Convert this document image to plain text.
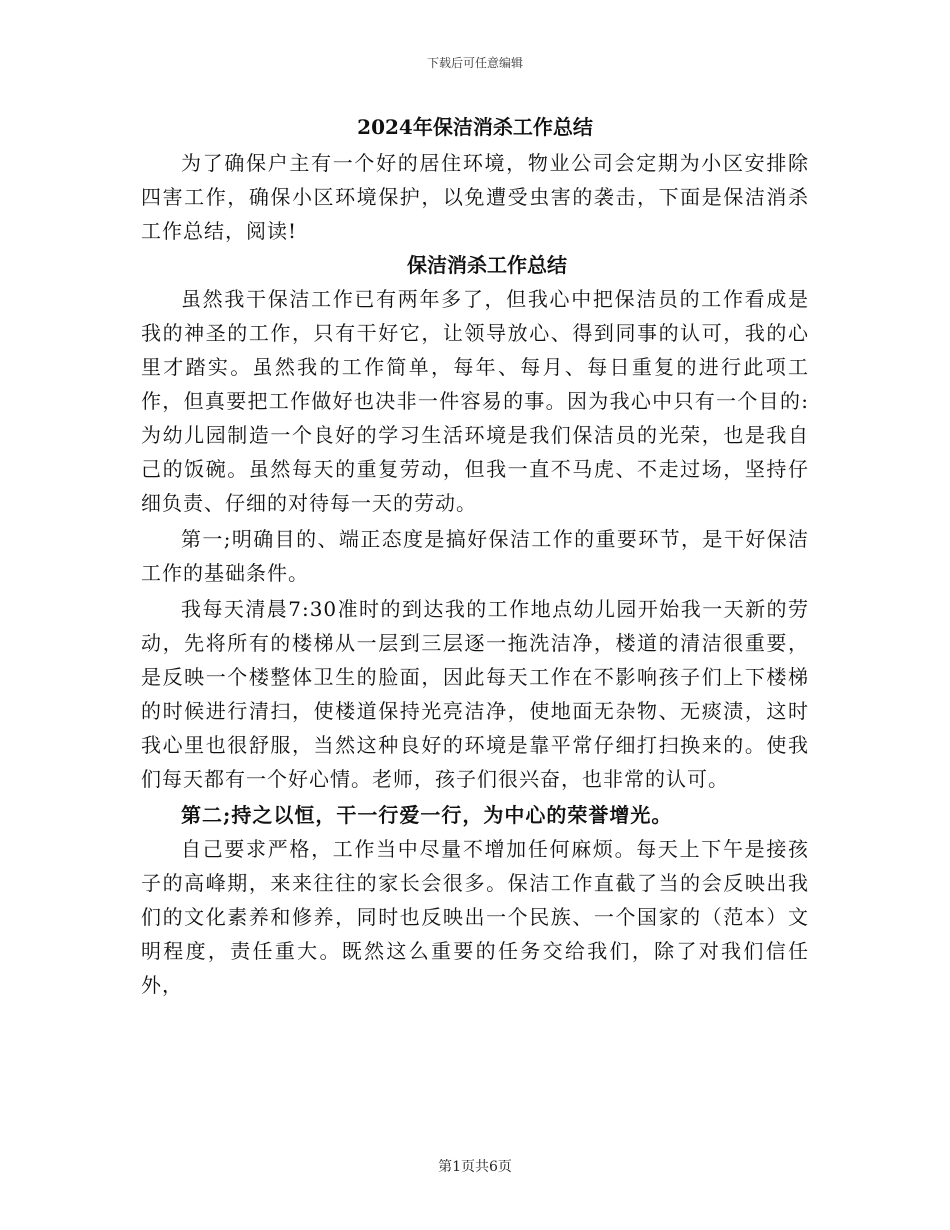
下载后可任意编辑
2024年保洁消杀工作总结

为了确保户主有一个好的居住环境，物业公司会定期为小区安排除四害工作，确保小区环境保护，以免遭受虫害的袭击，下面是保洁消杀工作总结，阅读!

保洁消杀工作总结

虽然我干保洁工作已有两年多了，但我心中把保洁员的工作看成是我的神圣的工作，只有干好它，让领导放心、得到同事的认可，我的心里才踏实。虽然我的工作简单，每年、每月、每日重复的进行此项工作，但真要把工作做好也决非一件容易的事。因为我心中只有一个目的:为幼儿园制造一个良好的学习生活环境是我们保洁员的光荣，也是我自己的饭碗。虽然每天的重复劳动，但我一直不马虎、不走过场，坚持仔细负责、仔细的对待每一天的劳动。

第一;明确目的、端正态度是搞好保洁工作的重要环节，是干好保洁工作的基础条件。

我每天清晨7:30准时的到达我的工作地点幼儿园开始我一天新的劳动，先将所有的楼梯从一层到三层逐一拖洗洁净，楼道的清洁很重要，是反映一个楼整体卫生的脸面，因此每天工作在不影响孩子们上下楼梯的时候进行清扫，使楼道保持光亮洁净，使地面无杂物、无痰渍，这时我心里也很舒服，当然这种良好的环境是靠平常仔细打扫换来的。使我们每天都有一个好心情。老师，孩子们很兴奋，也非常的认可。

第二;持之以恒，干一行爱一行，为中心的荣誉增光。

自己要求严格，工作当中尽量不增加任何麻烦。每天上下午是接孩子的高峰期，来来往往的家长会很多。保洁工作直截了当的会反映出我们的文化素养和修养，同时也反映出一个民族、一个国家的（范本）文明程度，责任重大。既然这么重要的任务交给我们，除了对我们信任外，

第1页共6页
